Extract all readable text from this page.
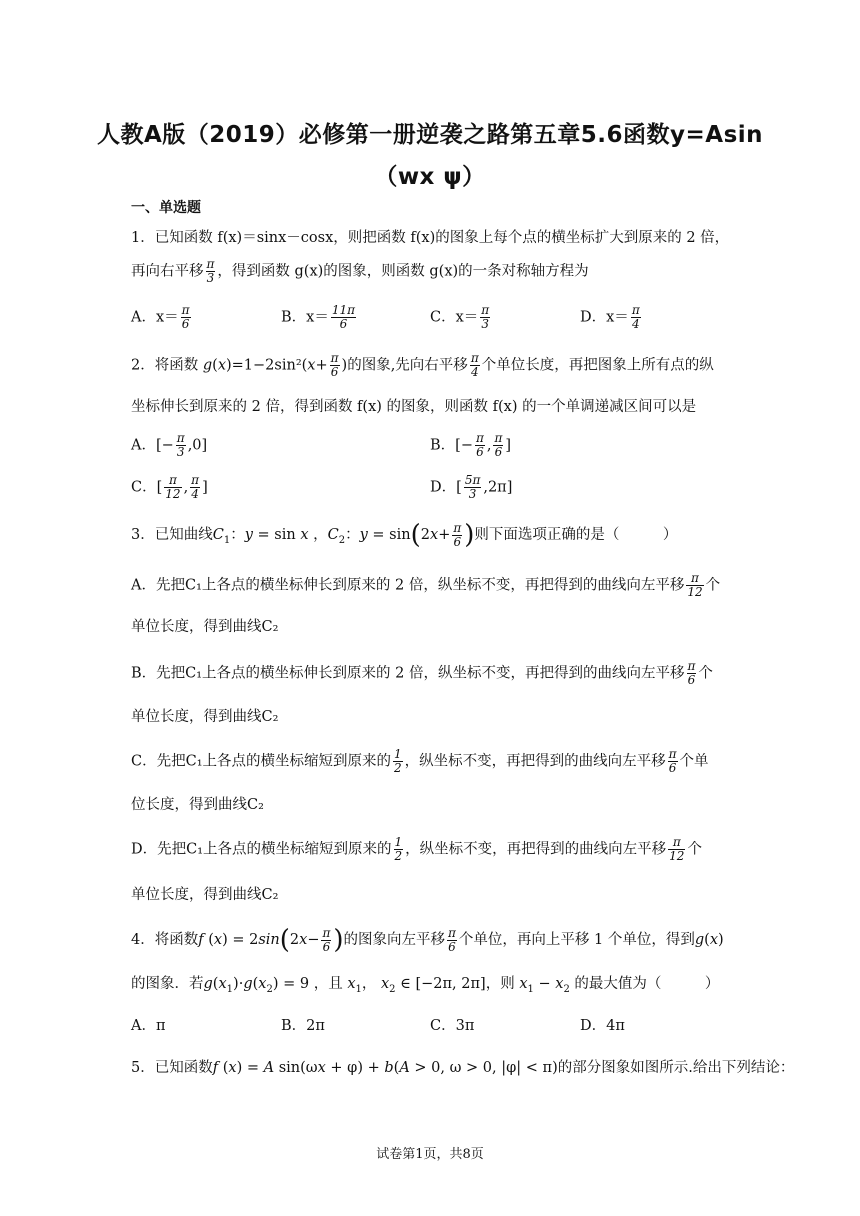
人教A版（2019）必修第一册逆袭之路第五章5.6函数y=Asin
（wx ψ）
一、单选题
1．已知函数 f(x)＝sinx－cosx，则把函数 f(x)的图象上每个点的横坐标扩大到原来的 2 倍，
再向右平移 $\frac{\pi}{3}$ ，得到函数 g(x)的图象，则函数 g(x)的一条对称轴方程为
A．$x= \frac{\pi}{6}$	B．$x= \frac{11\pi}{6}$	C．$x= \frac{\pi}{3}$	D．$x= \frac{\pi}{4}$
2．将函数 $g(x)=1-2\sin^2(x+ \frac{\pi}{6}$ )的图象,先向右平移 $\frac{\pi}{4}$ 个单位长度，再把图象上所有点的纵
坐标伸长到原来的 2 倍，得到函数 f(x) 的图象，则函数 f(x) 的一个单调递减区间可以是
A．[− $\frac{\pi}{3} ,0$]	B．[− $\frac{\pi}{6}$ , $\frac{\pi}{6}$ ]
C．[ $\frac{\pi}{12}$ , $\frac{\pi}{4}$ ]	D．[ $\frac{5\pi}{3} ,2\pi$]
3．已知曲线$C_1$：y = sin x ，$C_2$：$y = \sin(2x+ \frac{\pi}{6}$ )则下面选项正确的是（　　　）
A．先把C₁上各点的横坐标伸长到原来的 2 倍，纵坐标不变，再把得到的曲线向左平移 $\frac{\pi}{12}$ 个
单位长度，得到曲线C₂
B．先把C₁上各点的横坐标伸长到原来的 2 倍，纵坐标不变，再把得到的曲线向左平移 $\frac{\pi}{6}$ 个
单位长度，得到曲线C₂
C．先把C₁上各点的横坐标缩短到原来的 $\frac{1}{2}$ ，纵坐标不变，再把得到的曲线向左平移 $\frac{\pi}{6}$ 个单
位长度，得到曲线C₂
D．先把C₁上各点的横坐标缩短到原来的 $\frac{1}{2}$ ，纵坐标不变，再把得到的曲线向左平移 $\frac{\pi}{12}$ 个
单位长度，得到曲线C₂
4．将函数f $(x) = 2\sin(2x- \frac{\pi}{6}$ )的图象向左平移 $\frac{\pi}{6}$ 个单位，再向上平移 1 个单位，得到g(x)
的图象．若$g(x_1)\cdot g(x_2) = 9$ ，且 $x_1$， $x_2$ ∈ [−2π, 2π]，则 $x_1 - x_2$ 的最大值为（　　　）
A．π	B．2π	C．3π	D．4π
5．已知函数f (x) = A sin(ωx + φ) + b(A > 0, ω > 0, |φ| < π)的部分图象如图所示.给出下列结论：
试卷第1页，共8页
